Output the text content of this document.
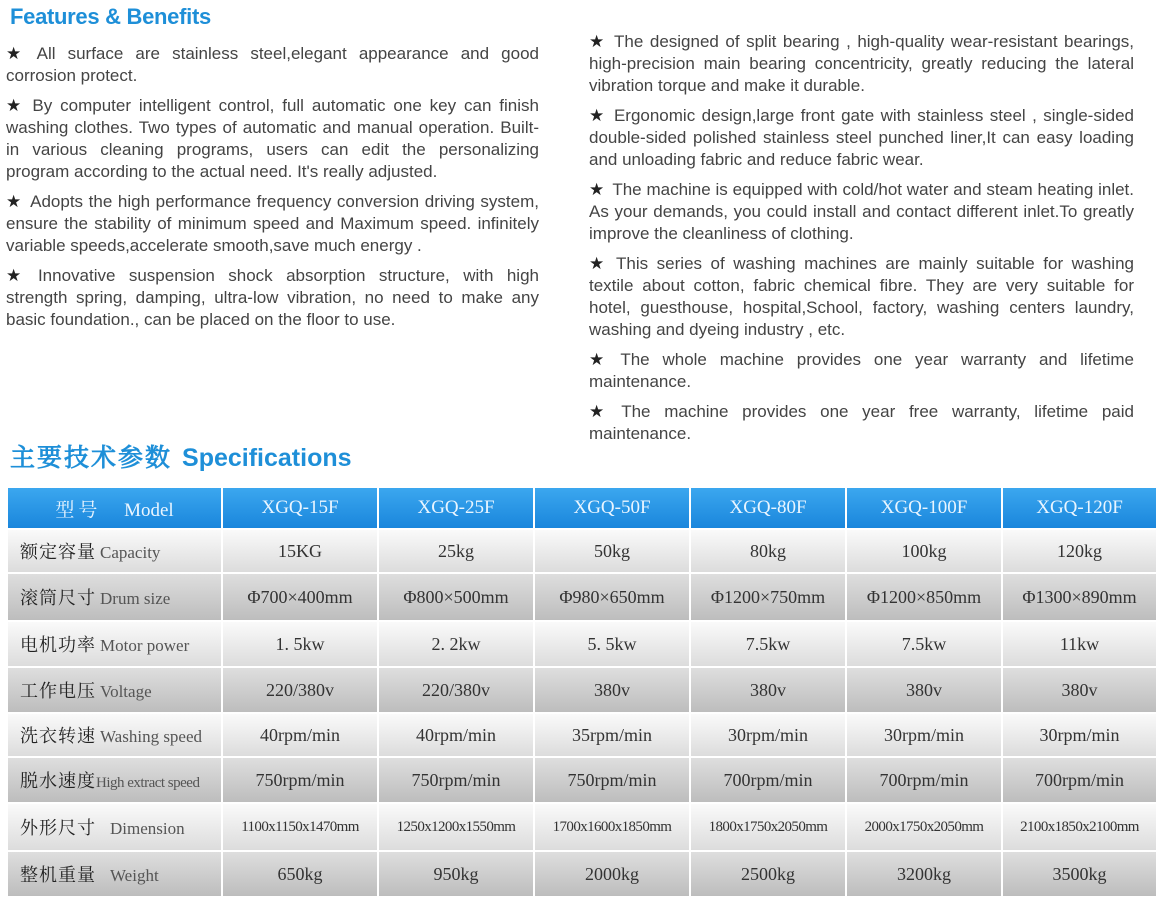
Features & Benefits

★ All surface are stainless steel,elegant appearance and good corrosion protect.

★ By computer intelligent control, full automatic one key can finish washing clothes. Two types of automatic and manual operation. Built-in various cleaning programs, users can edit the personalizing program according to the actual need. It's really adjusted.

★ Adopts the high performance frequency conversion driving system, ensure the stability of minimum speed and Maximum speed. infinitely variable speeds,accelerate smooth,save much energy .

★ Innovative suspension shock absorption structure, with high strength spring, damping, ultra-low vibration, no need to make any basic foundation., can be placed on the floor to use.

★ The designed of split bearing , high-quality wear-resistant bearings, high-precision main bearing concentricity, greatly reducing the lateral vibration torque and make it durable.

★ Ergonomic design,large front gate with stainless steel , single-sided double-sided polished stainless steel punched liner,It can easy loading and unloading fabric and reduce fabric wear.

★ The machine is equipped with cold/hot water and steam heating inlet. As your demands, you could install and contact different inlet.To greatly improve the cleanliness of clothing.

★ This series of washing machines are mainly suitable for washing textile about cotton, fabric chemical fibre. They are very suitable for hotel, guesthouse, hospital,School, factory, washing centers laundry, washing and dyeing industry , etc.

★ The whole machine provides one year warranty and lifetime maintenance.

★ The machine provides one year free warranty, lifetime paid maintenance.

主要技术参数 Specifications
型号 Model	XGQ-15F	XGQ-25F	XGQ-50F	XGQ-80F	XGQ-100F	XGQ-120F
额定容量 Capacity	15KG	25kg	50kg	80kg	100kg	120kg
滚筒尺寸 Drum size	Φ700×400mm	Φ800×500mm	Φ980×650mm	Φ1200×750mm	Φ1200×850mm	Φ1300×890mm
电机功率 Motor power	1. 5kw	2. 2kw	5. 5kw	7.5kw	7.5kw	11kw
工作电压 Voltage	220/380v	220/380v	380v	380v	380v	380v
洗衣转速 Washing speed	40rpm/min	40rpm/min	35rpm/min	30rpm/min	30rpm/min	30rpm/min
脱水速度High extract speed	750rpm/min	750rpm/min	750rpm/min	700rpm/min	700rpm/min	700rpm/min
外形尺寸 Dimension	1100x1150x1470mm	1250x1200x1550mm	1700x1600x1850mm	1800x1750x2050mm	2000x1750x2050mm	2100x1850x2100mm
整机重量 Weight	650kg	950kg	2000kg	2500kg	3200kg	3500kg
